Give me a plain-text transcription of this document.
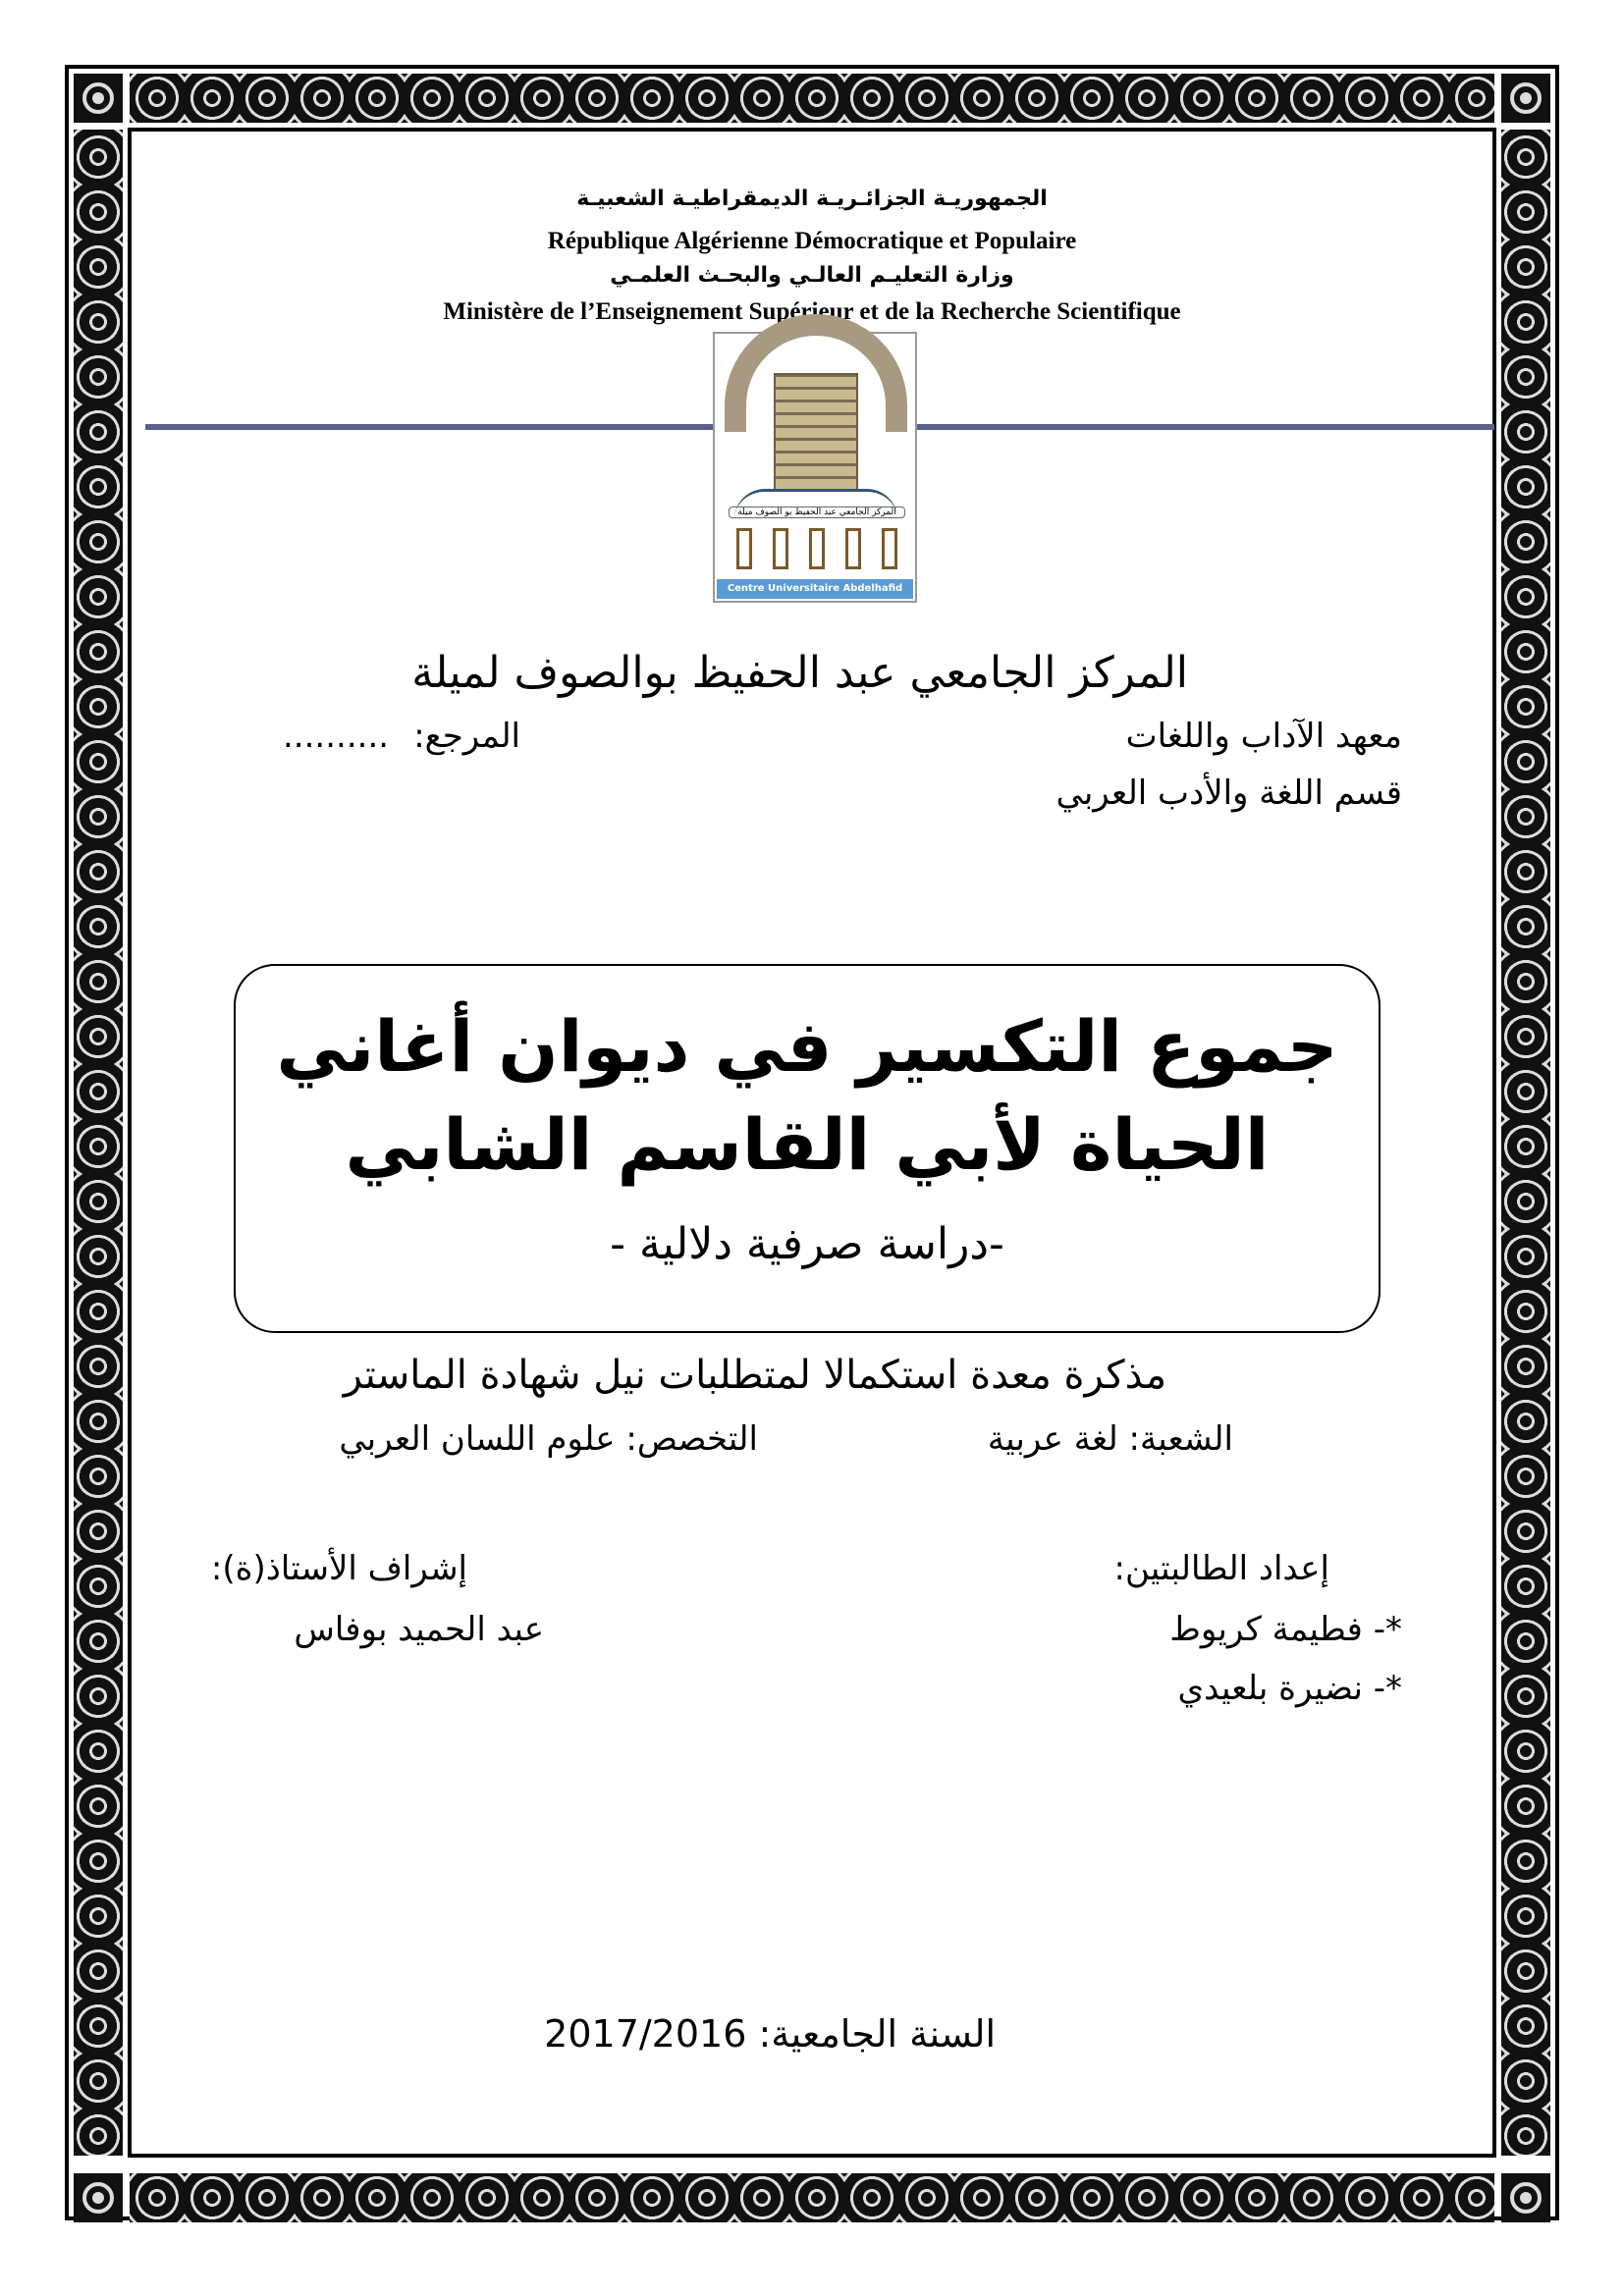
الجمهوريـة الجزائـريـة الديمقراطيـة الشعبيـة
République Algérienne Démocratique et Populaire
وزارة التعليـم العالـي والبحـث العلمـي
Ministère de l’Enseignement Supérieur et de la Recherche Scientifique
المركز الجامعي عبد الحفيظ بو الصوف ميلة
Centre Universitaire Abdelhafid Boussouf Mila
المركز الجامعي عبد الحفيظ بوالصوف لميلة
معهد الآداب واللغات
المرجع:
..........
قسم اللغة والأدب العربي
جموع التكسير في ديوان أغاني
الحياة لأبي القاسم الشابي
-دراسة صرفية دلالية -
مذكرة معدة استكمالا لمتطلبات نيل شهادة الماستر
الشعبة: لغة عربية
التخصص: علوم اللسان العربي
إعداد الطالبتين:
*- فطيمة كريوط
*- نضيرة بلعيدي
إشراف الأستاذ(ة):
عبد الحميد بوفاس
السنة الجامعية: 2017/2016
